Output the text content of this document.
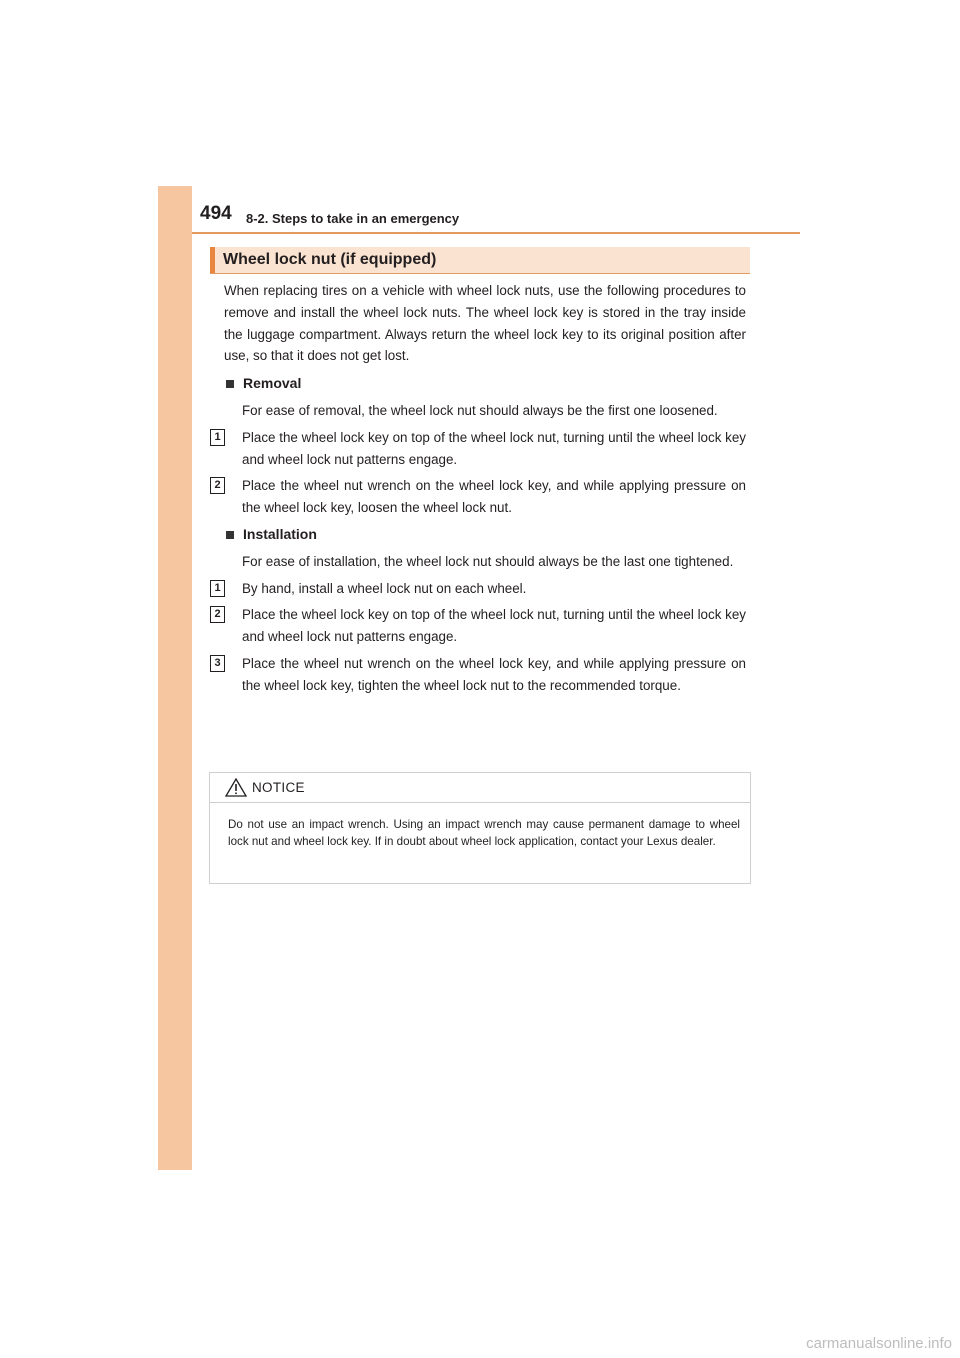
494 8-2. Steps to take in an emergency
Wheel lock nut (if equipped)

When replacing tires on a vehicle with wheel lock nuts, use the following procedures to remove and install the wheel lock nuts. The wheel lock key is stored in the tray inside the luggage compartment. Always return the wheel lock key to its original position after use, so that it does not get lost.

Removal

For ease of removal, the wheel lock nut should always be the first one loosened.

1	Place the wheel lock key on top of the wheel lock nut, turning until the wheel lock key and wheel lock nut patterns engage.
2	Place the wheel nut wrench on the wheel lock key, and while applying pressure on the wheel lock key, loosen the wheel lock nut.
Installation

For ease of installation, the wheel lock nut should always be the last one tightened.

1	By hand, install a wheel lock nut on each wheel.
2	Place the wheel lock key on top of the wheel lock nut, turning until the wheel lock key and wheel lock nut patterns engage.
3	Place the wheel nut wrench on the wheel lock key, and while applying pressure on the wheel lock key, tighten the wheel lock nut to the recommended torque.
NOTICE
Do not use an impact wrench. Using an impact wrench may cause permanent damage to wheel lock nut and wheel lock key. If in doubt about wheel lock application, contact your Lexus dealer.
carmanualsonline.info
